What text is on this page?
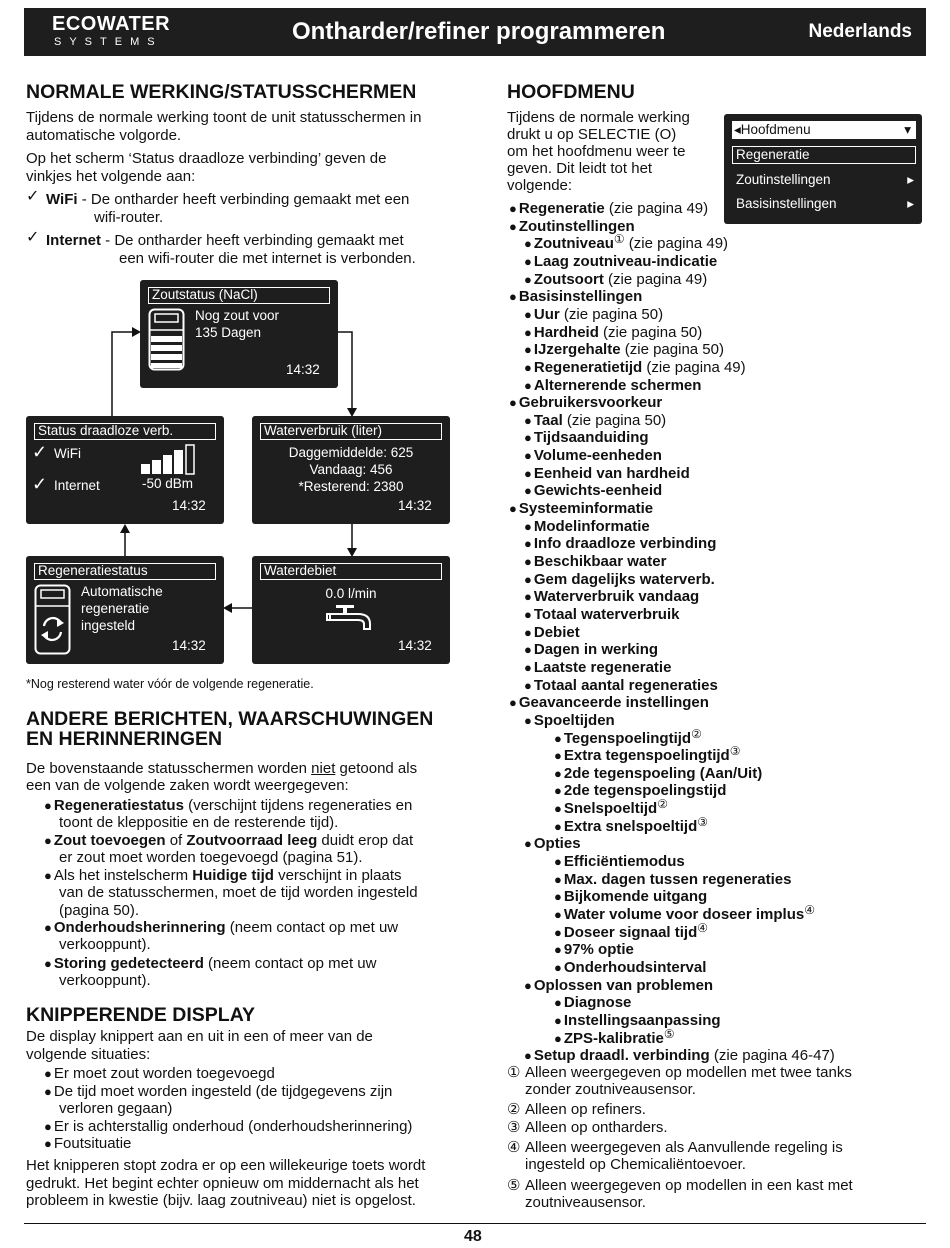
ECOWATER
SYSTEMS	Ontharder/refiner programmeren	Nederlands
NORMALE WERKING/STATUSSCHERMEN
Tijdens de normale werking toont de unit statusschermen in
automatische volgorde.
Op het scherm ‘Status draadloze verbinding’ geven de
vinkjes het volgende aan:
✓ WiFi - De ontharder heeft verbinding gemaakt met een
wifi-router.
✓ Internet - De ontharder heeft verbinding gemaakt met
een wifi-router die met internet is verbonden.
Zoutstatus (NaCl)
Nog zout voor
135 Dagen
14:32
Status draadloze verb.
✓ WiFi
✓ Internet	-50 dBm
14:32
Waterverbruik (liter)
Daggemiddelde: 625
Vandaag: 456
*Resterend: 2380
14:32
Regeneratiestatus
Automatische
regeneratie
ingesteld
14:32
Waterdebiet
0.0 l/min
14:32
*Nog resterend water vóór de volgende regeneratie.
ANDERE BERICHTEN, WAARSCHUWINGEN
EN HERINNERINGEN
De bovenstaande statusschermen worden niet getoond als
een van de volgende zaken wordt weergegeven:
● Regeneratiestatus (verschijnt tijdens regeneraties en
toont de kleppositie en de resterende tijd).
● Zout toevoegen of Zoutvoorraad leeg duidt erop dat
er zout moet worden toegevoegd (pagina 51).
● Als het instelscherm Huidige tijd verschijnt in plaats
van de statusschermen, moet de tijd worden ingesteld
(pagina 50).
● Onderhoudsherinnering (neem contact op met uw
verkooppunt).
● Storing gedetecteerd (neem contact op met uw
verkooppunt).
KNIPPERENDE DISPLAY
De display knippert aan en uit in een of meer van de
volgende situaties:
● Er moet zout worden toegevoegd
● De tijd moet worden ingesteld (de tijdgegevens zijn
verloren gegaan)
● Er is achterstallig onderhoud (onderhoudsherinnering)
● Foutsituatie
Het knipperen stopt zodra er op een willekeurige toets wordt
gedrukt. Het begint echter opnieuw om middernacht als het
probleem in kwestie (bijv. laag zoutniveau) niet is opgelost.
HOOFDMENU
Tijdens de normale werking
drukt u op SELECTIE (O)
om het hoofdmenu weer te
geven. Dit leidt tot het
volgende:
◂Hoofdmenu	▾
Regeneratie
Zoutinstellingen	▸
Basisinstellingen	▸
● Regeneratie (zie pagina 49)
● Zoutinstellingen
● Zoutniveau① (zie pagina 49)
● Laag zoutniveau-indicatie
● Zoutsoort (zie pagina 49)
● Basisinstellingen
● Uur (zie pagina 50)
● Hardheid (zie pagina 50)
● IJzergehalte (zie pagina 50)
● Regeneratietijd (zie pagina 49)
● Alternerende schermen
● Gebruikersvoorkeur
● Taal (zie pagina 50)
● Tijdsaanduiding
● Volume-eenheden
● Eenheid van hardheid
● Gewichts-eenheid
● Systeeminformatie
● Modelinformatie
● Info draadloze verbinding
● Beschikbaar water
● Gem dagelijks waterverb.
● Waterverbruik vandaag
● Totaal waterverbruik
● Debiet
● Dagen in werking
● Laatste regeneratie
● Totaal aantal regeneraties
● Geavanceerde instellingen
● Spoeltijden
● Tegenspoelingtijd②
● Extra tegenspoelingtijd③
● 2de tegenspoeling (Aan/Uit)
● 2de tegenspoelingstijd
● Snelspoeltijd②
● Extra snelspoeltijd③
● Opties
● Efficiëntiemodus
● Max. dagen tussen regeneraties
● Bijkomende uitgang
● Water volume voor doseer implus④
● Doseer signaal tijd④
● 97% optie
● Onderhoudsinterval
● Oplossen van problemen
● Diagnose
● Instellingsaanpassing
● ZPS-kalibratie⑤
● Setup draadl. verbinding (zie pagina 46-47)
① Alleen weergegeven op modellen met twee tanks
zonder zoutniveausensor.
② Alleen op refiners.
③ Alleen op ontharders.
④ Alleen weergegeven als Aanvullende regeling is
ingesteld op Chemicaliëntoevoer.
⑤ Alleen weergegeven op modellen in een kast met
zoutniveausensor.
48
